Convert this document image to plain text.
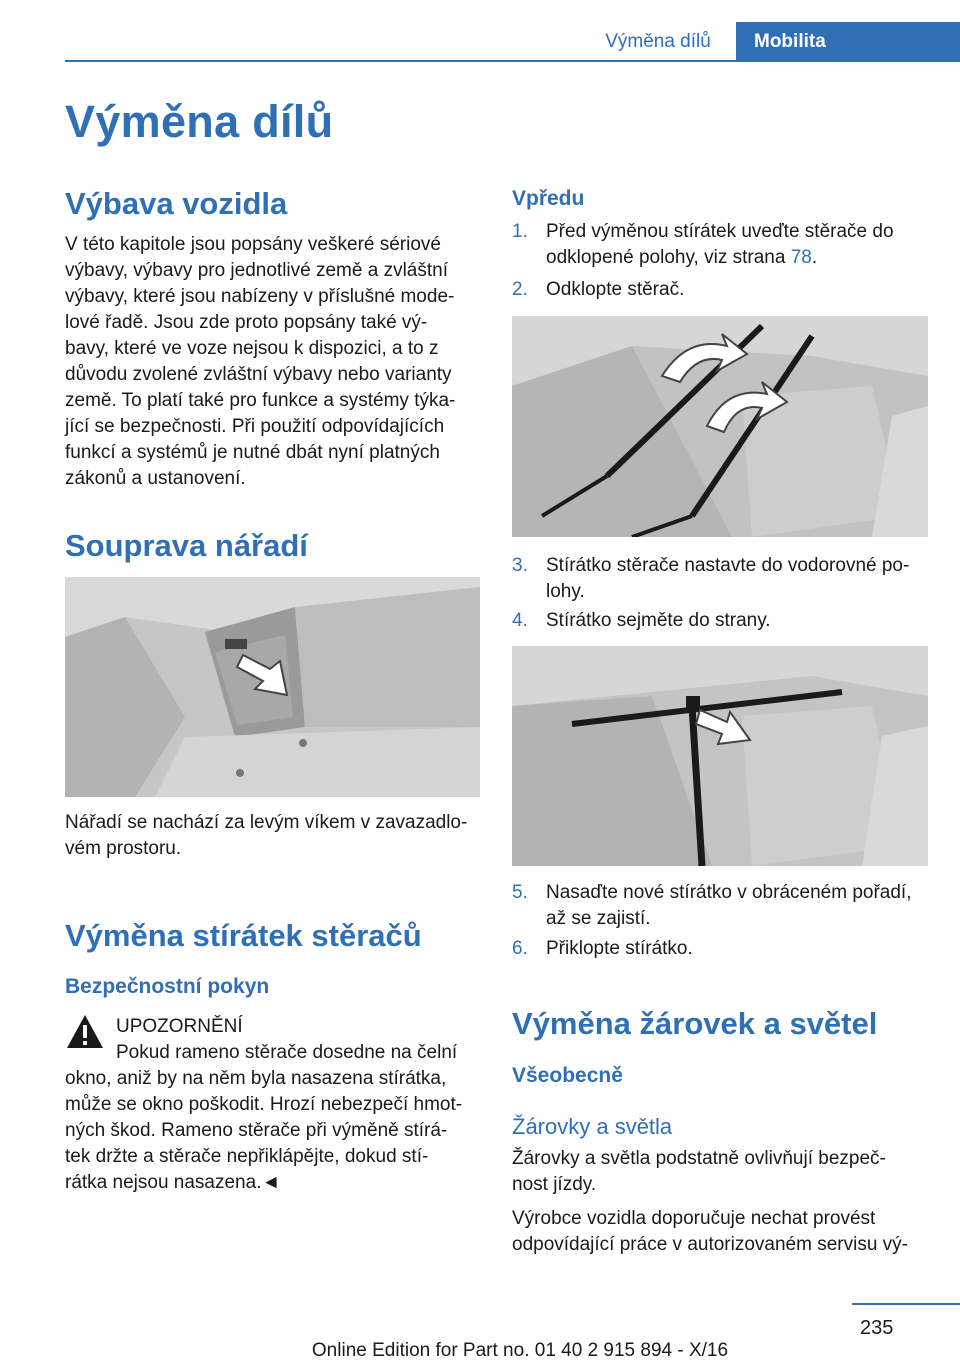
Výměna dílů	Mobilita
Výměna dílů
Výbava vozidla
V této kapitole jsou popsány veškeré sériové
výbavy, výbavy pro jednotlivé země a zvláštní
výbavy, které jsou nabízeny v příslušné mode-
lové řadě. Jsou zde proto popsány také vý-
bavy, které ve voze nejsou k dispozici, a to z
důvodu zvolené zvláštní výbavy nebo varianty
země. To platí také pro funkce a systémy týka-
jící se bezpečnosti. Při použití odpovídajících
funkcí a systémů je nutné dbát nyní platných
zákonů a ustanovení.
Souprava nářadí
Nářadí se nachází za levým víkem v zavazadlo-
vém prostoru.
Výměna stírátek stěračů
Bezpečnostní pokyn
UPOZORNĚNÍ
Pokud rameno stěrače dosedne na čelní
okno, aniž by na něm byla nasazena stírátka,
může se okno poškodit. Hrozí nebezpečí hmot-
ných škod. Rameno stěrače při výměně stírá-
tek držte a stěrače nepřiklápějte, dokud stí-
rátka nejsou nasazena.◄
Vpředu
1. Před výměnou stírátek uveďte stěrače do
odklopené polohy, viz strana 78.
2. Odklopte stěrač.
3. Stírátko stěrače nastavte do vodorovné po-
lohy.
4. Stírátko sejměte do strany.
5. Nasaďte nové stírátko v obráceném pořadí,
až se zajistí.
6. Přiklopte stírátko.
Výměna žárovek a světel
Všeobecně
Žárovky a světla
Žárovky a světla podstatně ovlivňují bezpeč-
nost jízdy.
Výrobce vozidla doporučuje nechat provést
odpovídající práce v autorizovaném servisu vý-
235
Online Edition for Part no. 01 40 2 915 894 - X/16
